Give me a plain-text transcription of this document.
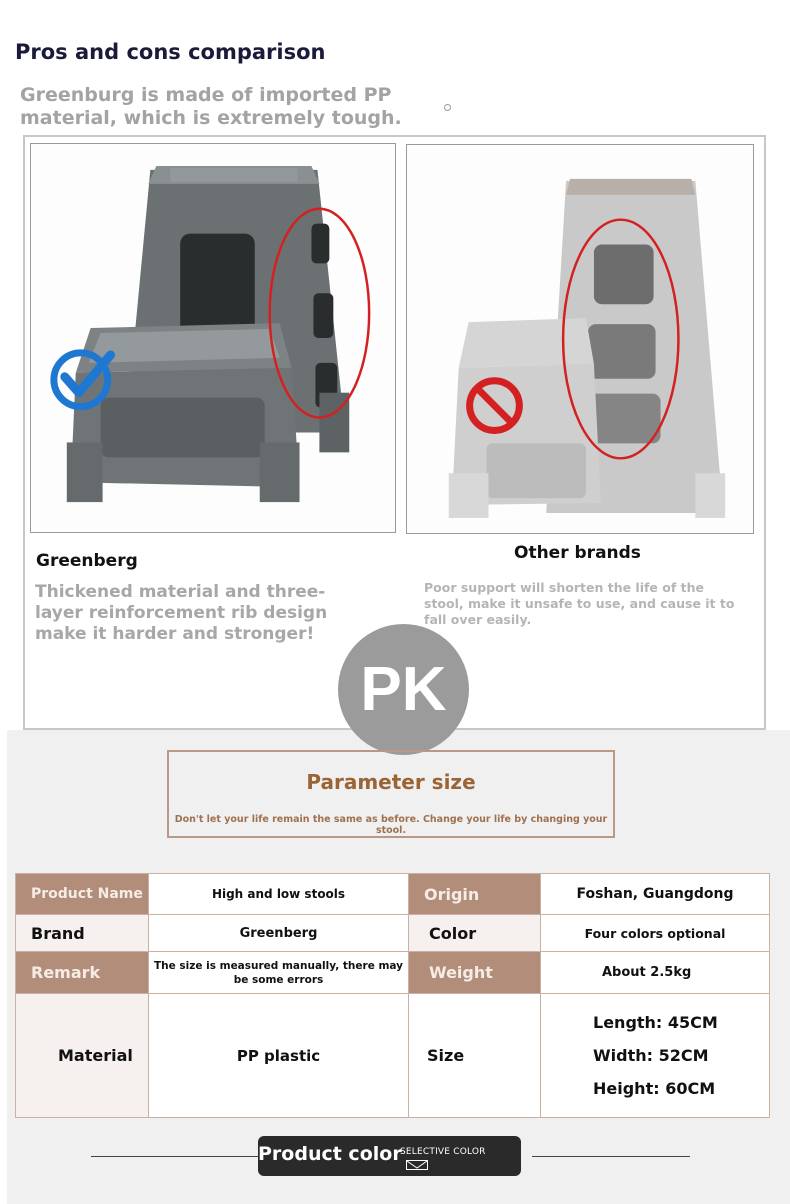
Pros and cons comparison
Greenburg is made of imported PP material, which is extremely tough.
Greenberg	Other brands
Thickened material and three-layer reinforcement rib design make it harder and stronger!
Poor support will shorten the life of the stool, make it unsafe to use, and cause it to fall over easily.
PK
Parameter size
Don't let your life remain the same as before. Change your life by changing your stool.
Product Name	High and low stools	Origin	Foshan, Guangdong
Brand	Greenberg	Color	Four colors optional
Remark	The size is measured manually, there may be some errors	Weight	About 2.5kg
Material	PP plastic	Size	Length: 45CM
Width: 52CM
Height: 60CM
Product color
SELECTIVE COLOR
